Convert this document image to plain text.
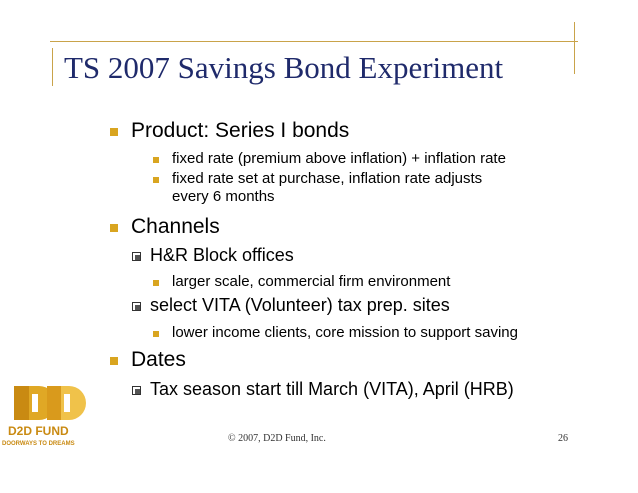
TS 2007 Savings Bond Experiment
Product: Series I bonds
fixed rate (premium above inflation) + inflation rate
fixed rate set at purchase, inflation rate adjusts
every 6 months
Channels
H&R Block offices
larger scale, commercial firm environment
select VITA (Volunteer) tax prep. sites
lower income clients, core mission to support saving
Dates
Tax season start till March (VITA), April (HRB)
D2D FUND
DOORWAYS TO DREAMS	© 2007, D2D Fund, Inc.	26
